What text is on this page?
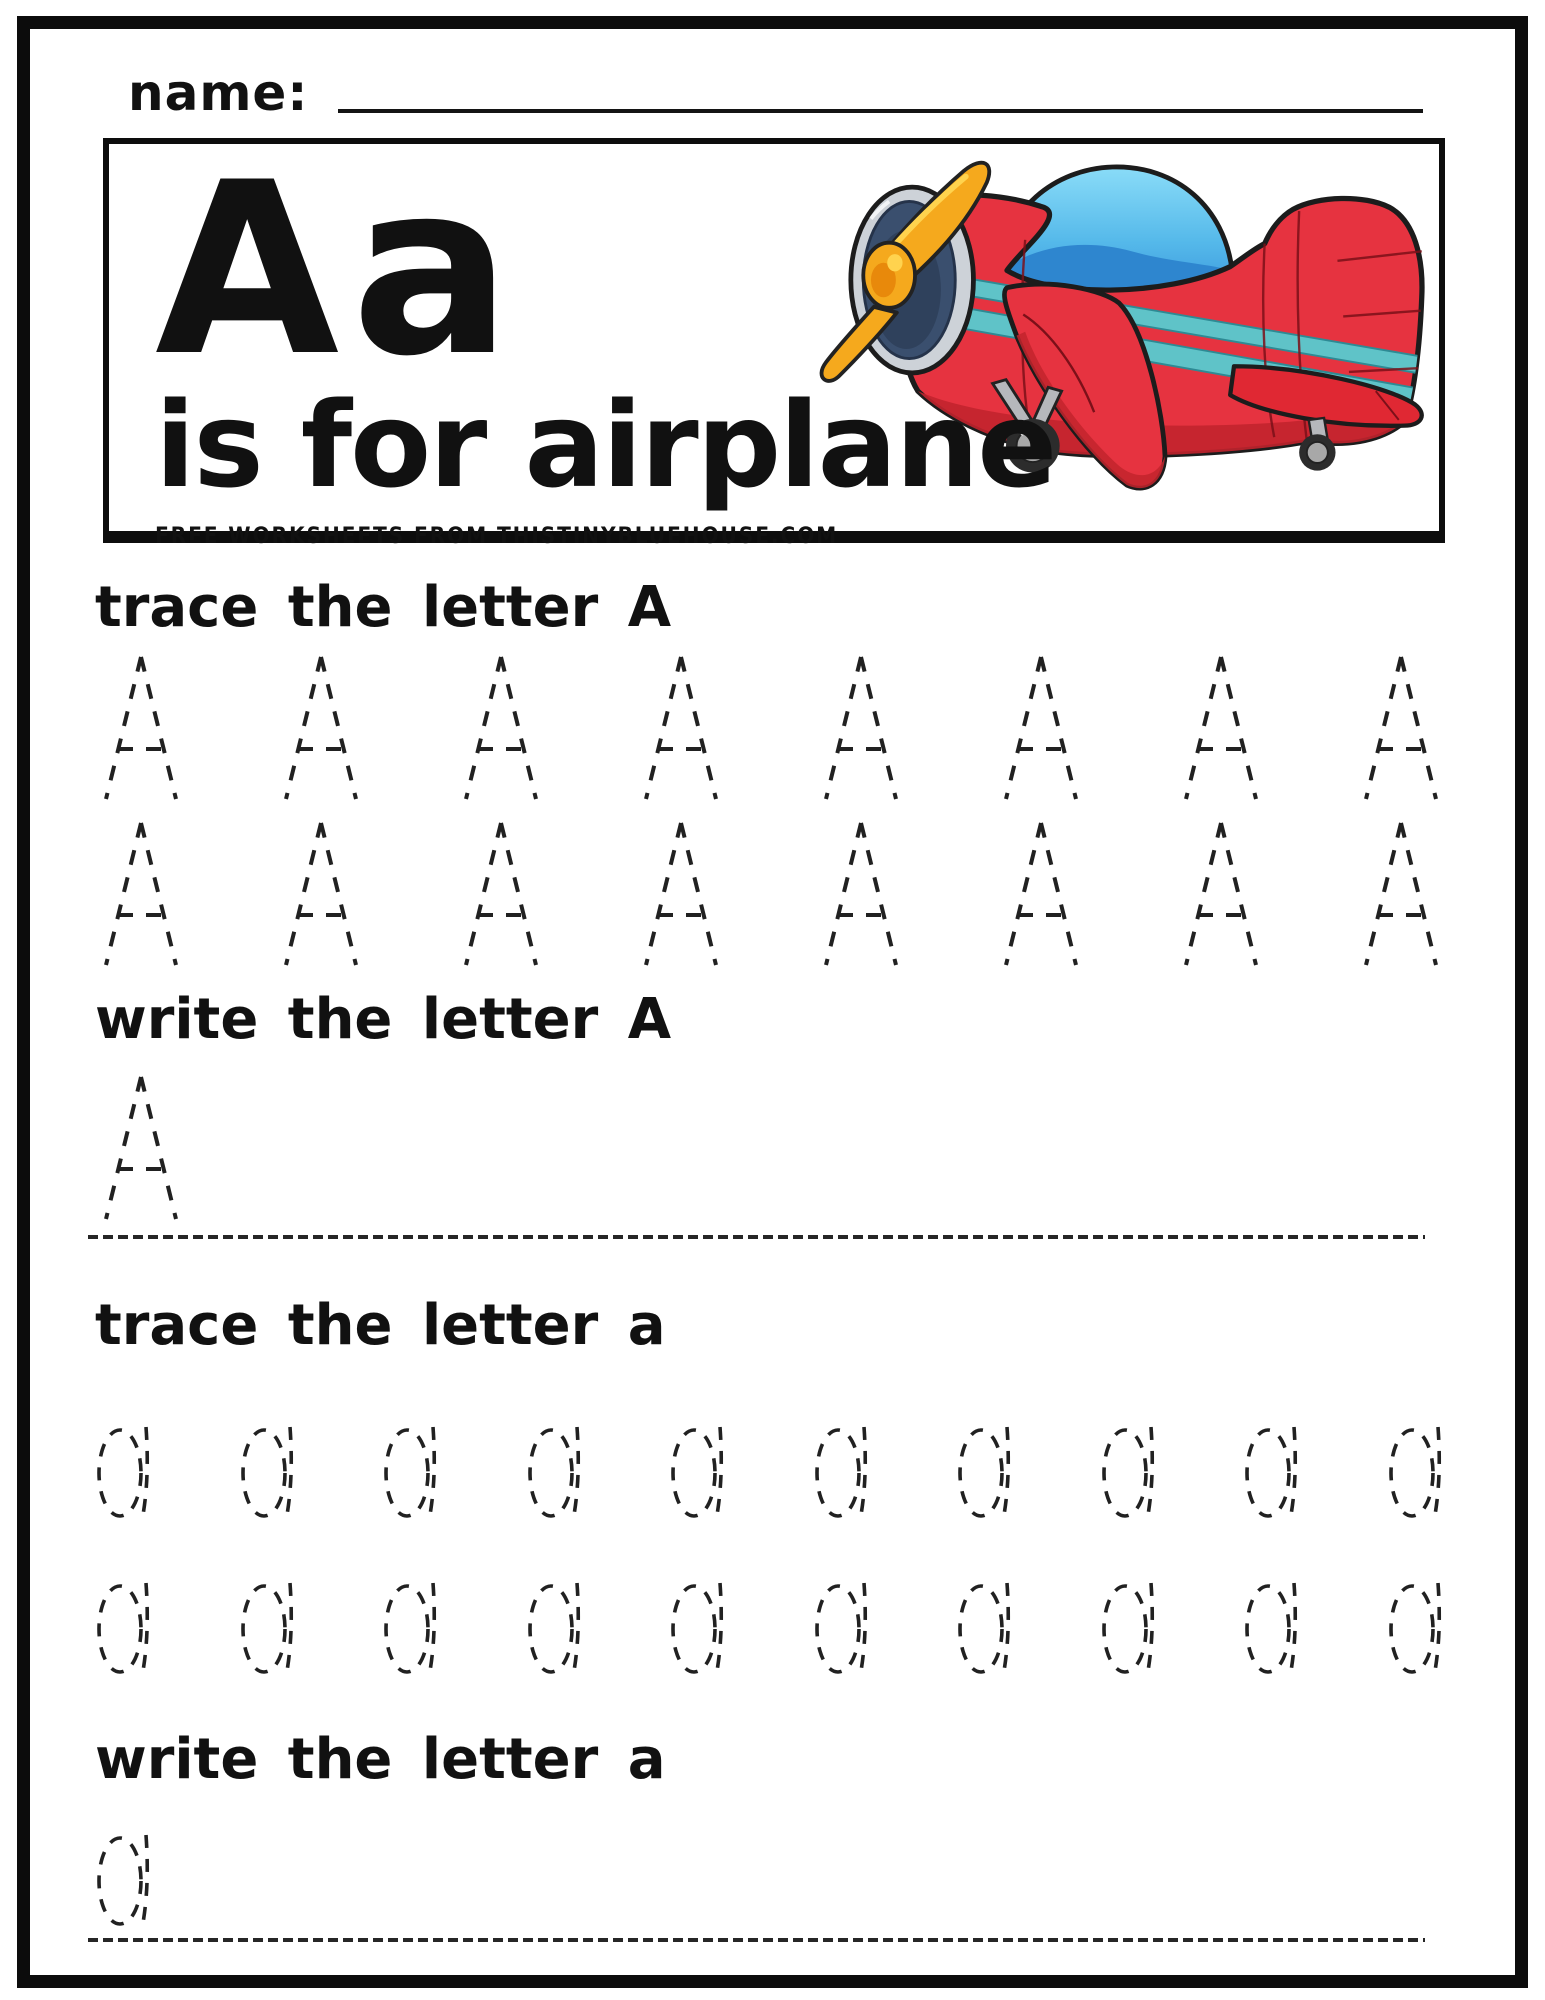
name:
Aa
is for airplane
FREE WORKSHEETS FROM THISTINYBLUEHOUSE.COM
trace the letter A
write the letter A
trace the letter a
write the letter a
